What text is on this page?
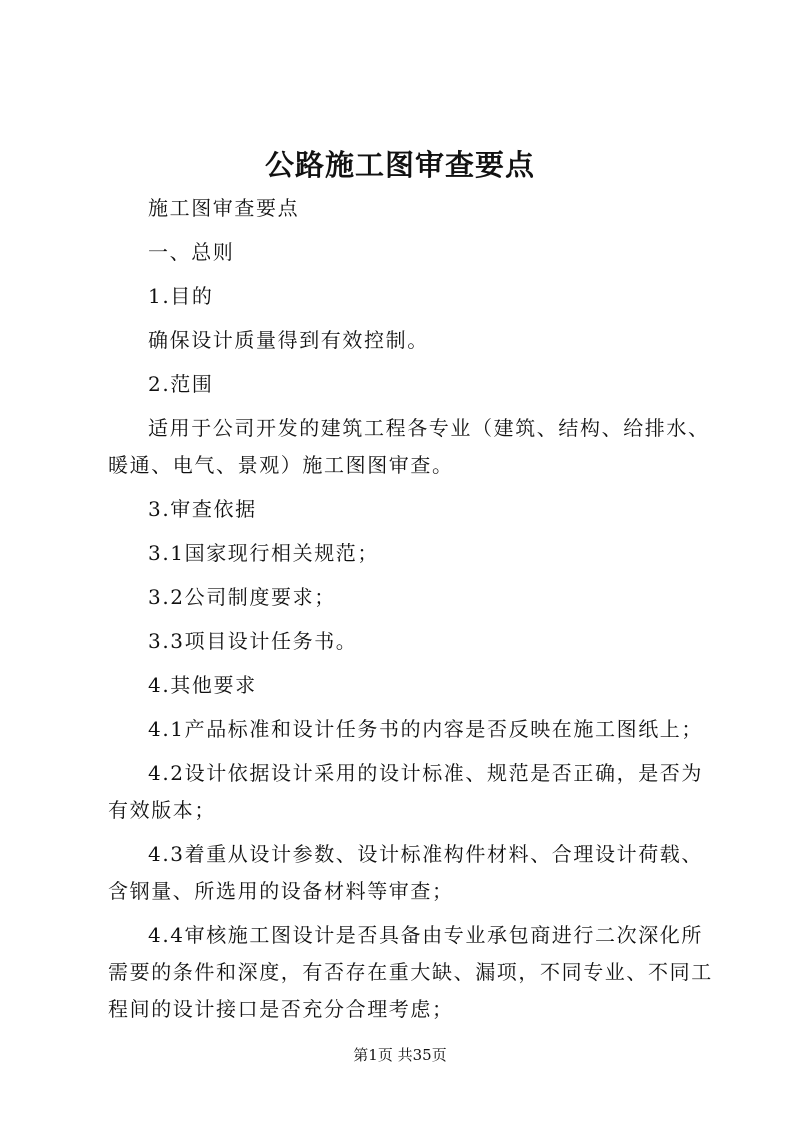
公路施工图审查要点

施工图审查要点

一、总则

1.目的

确保设计质量得到有效控制。

2.范围

适用于公司开发的建筑工程各专业（建筑、结构、给排水、暖通、电气、景观）施工图图审查。

3.审查依据

3.1国家现行相关规范；

3.2公司制度要求；

3.3项目设计任务书。

4.其他要求

4.1产品标准和设计任务书的内容是否反映在施工图纸上；

4.2设计依据设计采用的设计标准、规范是否正确，是否为有效版本；

4.3着重从设计参数、设计标准构件材料、合理设计荷载、含钢量、所选用的设备材料等审查；

4.4审核施工图设计是否具备由专业承包商进行二次深化所需要的条件和深度，有否存在重大缺、漏项，不同专业、不同工程间的设计接口是否充分合理考虑；

第1页 共35页
